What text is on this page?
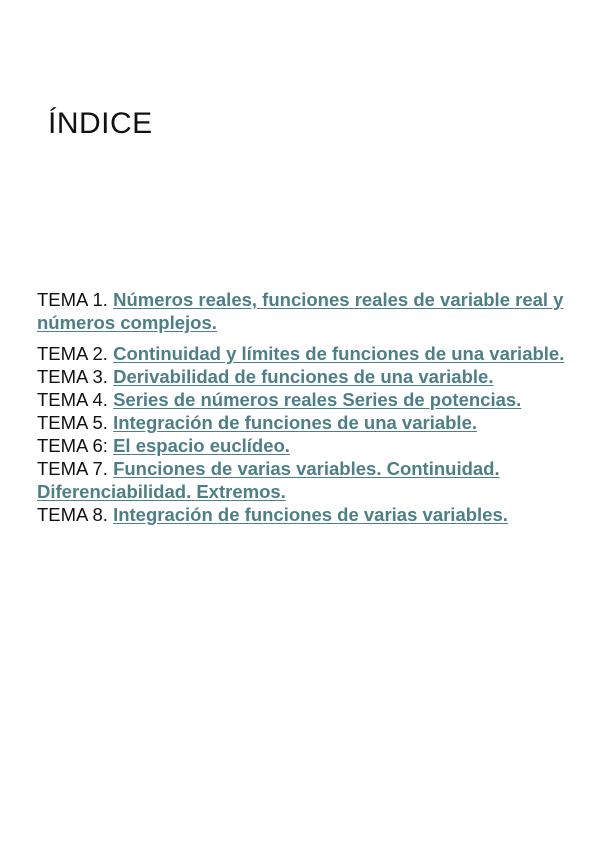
ÍNDICE
TEMA 1. Números reales, funciones reales de variable real y números complejos.
TEMA 2. Continuidad y límites de funciones de una variable.
TEMA 3. Derivabilidad de funciones de una variable.
TEMA 4. Series de números reales Series de potencias.
TEMA 5. Integración de funciones de una variable.
TEMA 6: El espacio euclídeo.
TEMA 7. Funciones de varias variables. Continuidad. Diferenciabilidad. Extremos.
TEMA 8. Integración de funciones de varias variables.
